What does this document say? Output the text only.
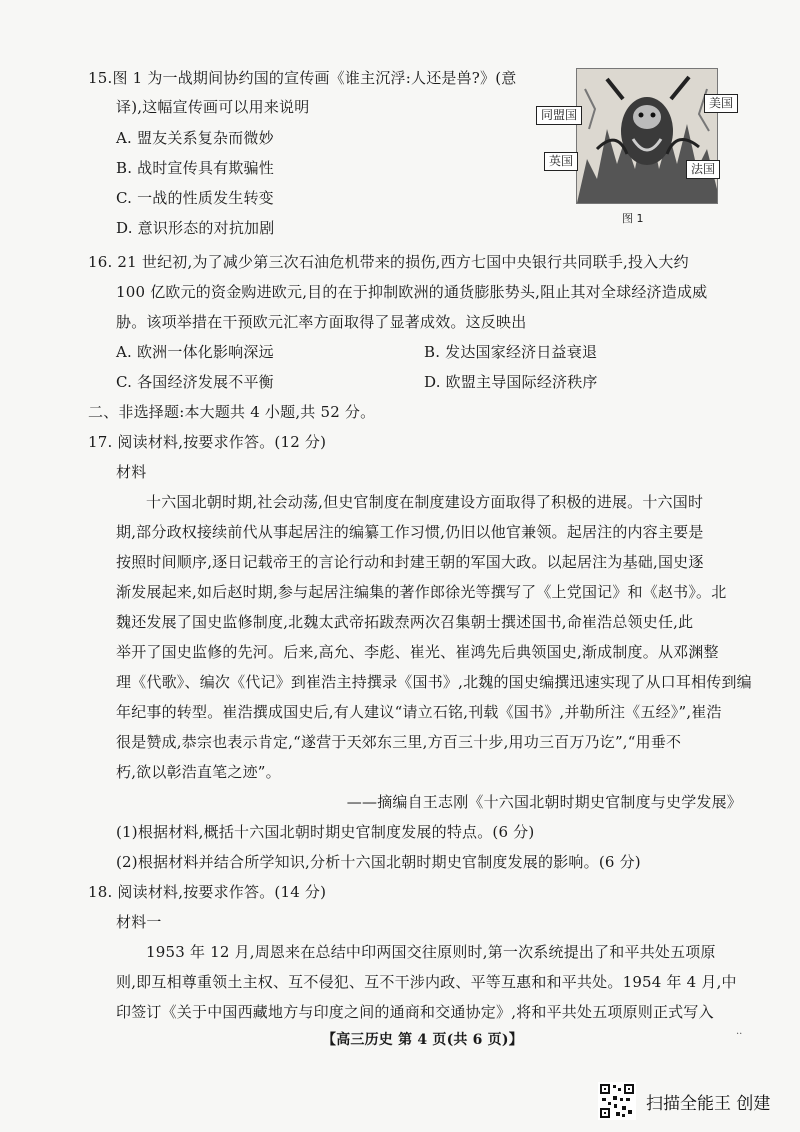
15.图 1 为一战期间协约国的宣传画《谁主沉浮:人还是兽?》(意
译),这幅宣传画可以用来说明
A. 盟友关系复杂而微妙
B. 战时宣传具有欺骗性
C. 一战的性质发生转变
D. 意识形态的对抗加剧
美国
同盟国
英国
法国
图 1
16. 21 世纪初,为了减少第三次石油危机带来的损伤,西方七国中央银行共同联手,投入大约
100 亿欧元的资金购进欧元,目的在于抑制欧洲的通货膨胀势头,阻止其对全球经济造成威
胁。该项举措在干预欧元汇率方面取得了显著成效。这反映出
A. 欧洲一体化影响深远	B. 发达国家经济日益衰退
C. 各国经济发展不平衡	D. 欧盟主导国际经济秩序
二、非选择题:本大题共 4 小题,共 52 分。
17. 阅读材料,按要求作答。(12 分)
材料
十六国北朝时期,社会动荡,但史官制度在制度建设方面取得了积极的进展。十六国时
期,部分政权接续前代从事起居注的编纂工作习惯,仍旧以他官兼领。起居注的内容主要是
按照时间顺序,逐日记载帝王的言论行动和封建王朝的军国大政。以起居注为基础,国史逐
渐发展起来,如后赵时期,参与起居注编集的著作郎徐光等撰写了《上党国记》和《赵书》。北
魏还发展了国史监修制度,北魏太武帝拓跋焘两次召集朝士撰述国书,命崔浩总领史任,此
举开了国史监修的先河。后来,高允、李彪、崔光、崔鸿先后典领国史,渐成制度。从邓渊整
理《代歌》、编次《代记》到崔浩主持撰录《国书》,北魏的国史编撰迅速实现了从口耳相传到编
年纪事的转型。崔浩撰成国史后,有人建议“请立石铭,刊载《国书》,并勒所注《五经》”,崔浩
很是赞成,恭宗也表示肯定,“遂营于天郊东三里,方百三十步,用功三百万乃讫”,“用垂不
朽,欲以彰浩直笔之迹”。
——摘编自王志刚《十六国北朝时期史官制度与史学发展》
(1)根据材料,概括十六国北朝时期史官制度发展的特点。(6 分)
(2)根据材料并结合所学知识,分析十六国北朝时期史官制度发展的影响。(6 分)
18. 阅读材料,按要求作答。(14 分)
材料一
1953 年 12 月,周恩来在总结中印两国交往原则时,第一次系统提出了和平共处五项原
则,即互相尊重领土主权、互不侵犯、互不干涉内政、平等互惠和和平共处。1954 年 4 月,中
印签订《关于中国西藏地方与印度之间的通商和交通协定》,将和平共处五项原则正式写入
【高三历史 第 4 页(共 6 页)】
..
扫描全能王 创建
